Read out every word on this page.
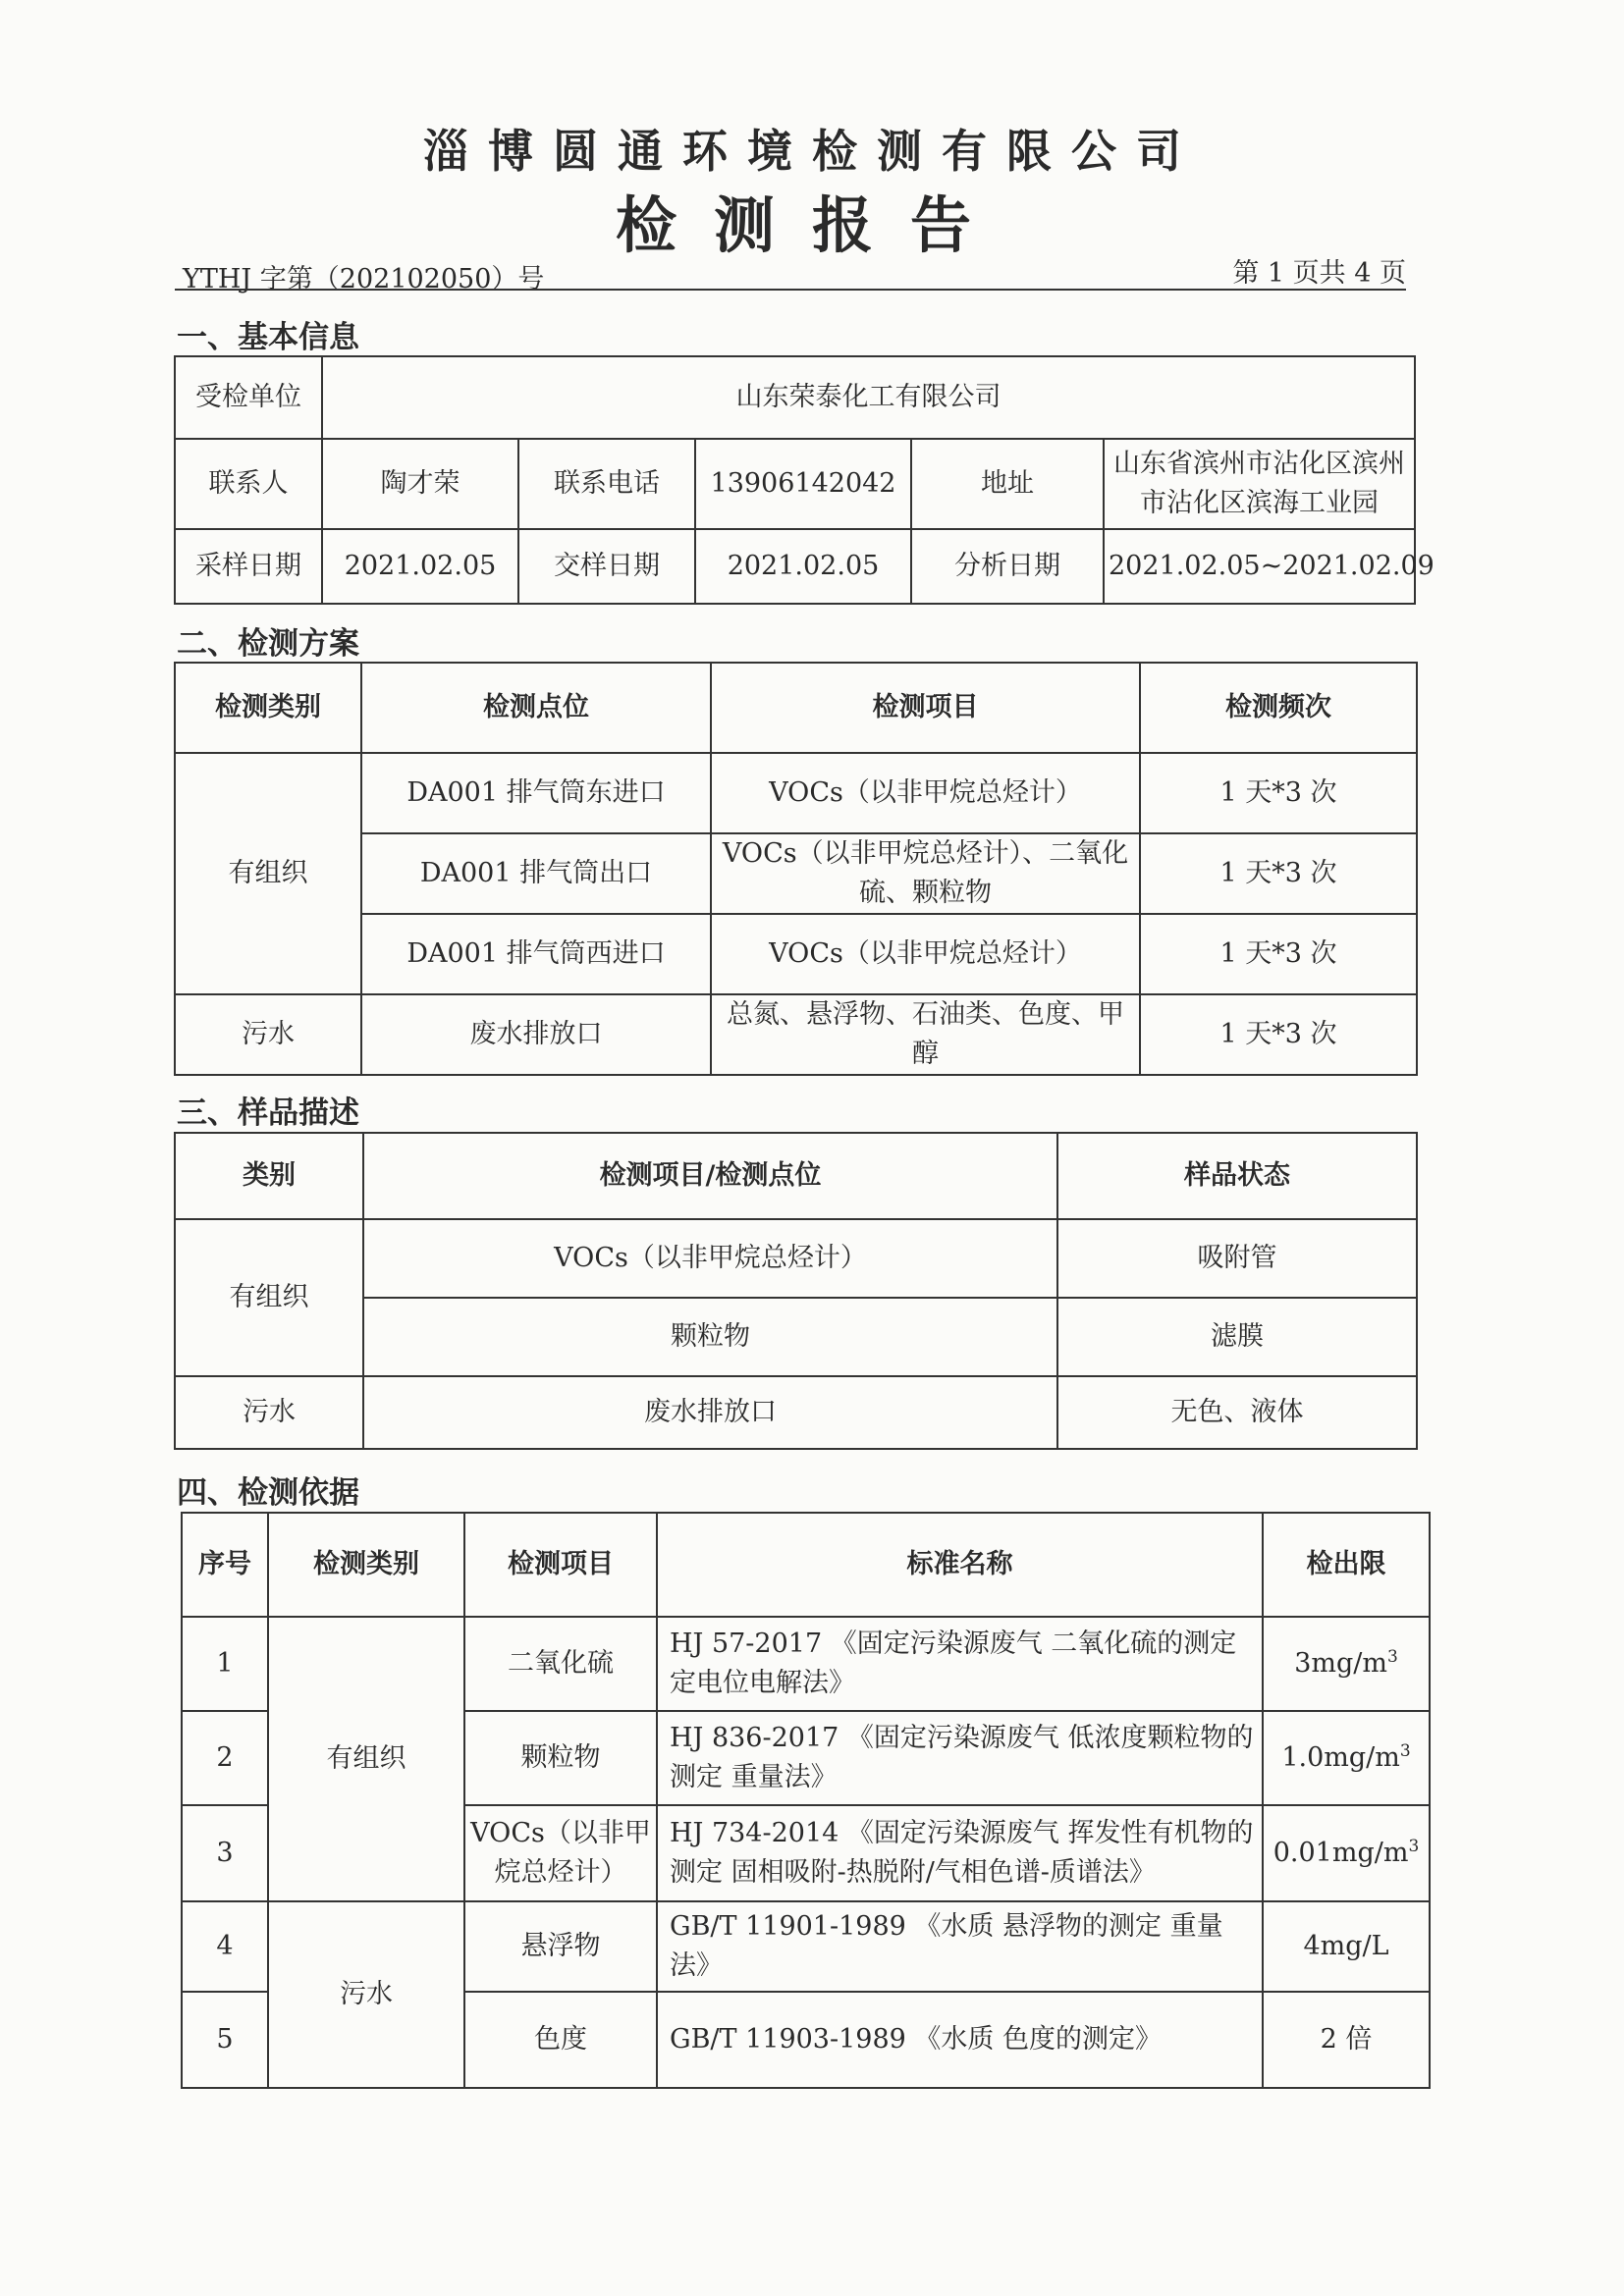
淄博圆通环境检测有限公司
检测报告
YTHJ 字第（202102050）号	第 1 页共 4 页
一、基本信息
受检单位	山东荣泰化工有限公司				
联系人	陶才荣	联系电话	13906142042	地址	山东省滨州市沾化区滨州市沾化区滨海工业园
采样日期	2021.02.05	交样日期	2021.02.05	分析日期	2021.02.05~2021.02.09
二、检测方案
检测类别	检测点位	检测项目	检测频次
有组织	DA001 排气筒东进口	VOCs（以非甲烷总烃计）	1 天*3 次
	DA001 排气筒出口	VOCs（以非甲烷总烃计）、二氧化硫、颗粒物	1 天*3 次
	DA001 排气筒西进口	VOCs（以非甲烷总烃计）	1 天*3 次
污水	废水排放口	总氮、悬浮物、石油类、色度、甲醇	1 天*3 次
三、样品描述
类别	检测项目/检测点位	样品状态
有组织	VOCs（以非甲烷总烃计）	吸附管
	颗粒物	滤膜
污水	废水排放口	无色、液体
四、检测依据
序号	检测类别	检测项目	标准名称	检出限
1	有组织	二氧化硫	HJ 57-2017 《固定污染源废气 二氧化硫的测定 定电位电解法》	$3mg/m^3$
2		颗粒物	HJ 836-2017 《固定污染源废气 低浓度颗粒物的测定 重量法》	$1.0mg/m^3$
3		VOCs（以非甲烷总烃计）	HJ 734-2014 《固定污染源废气 挥发性有机物的测定 固相吸附-热脱附/气相色谱-质谱法》	$0.01mg/m^3$
4	污水	悬浮物	GB/T 11901-1989 《水质 悬浮物的测定 重量法》	4mg/L
5		色度	GB/T 11903-1989 《水质 色度的测定》	2 倍
